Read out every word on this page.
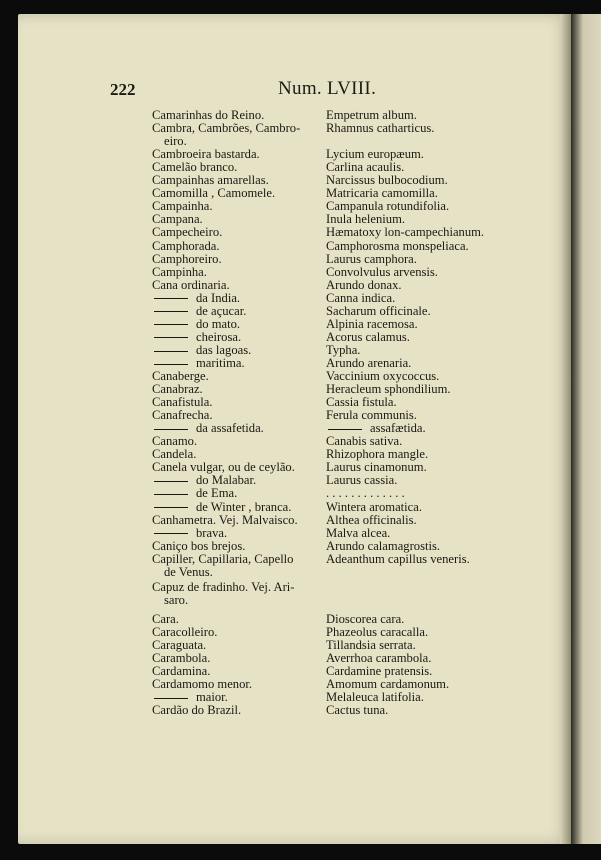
222	Num. LVIII.
Camarinhas do Reino.
Cambra, Cambrões, Cambro-
eiro.
Cambroeira bastarda.
Camelão branco.
Campainhas amarellas.
Camomilla , Camomele.
Campainha.
Campana.
Campecheiro.
Camphorada.
Camphoreiro.
Campinha.
Cana ordinaria.
da India.
de açucar.
do mato.
cheirosa.
das lagoas.
maritima.
Canaberge.
Canabraz.
Canafistula.
Canafrecha.
da assafetida.
Canamo.
Candela.
Canela vulgar, ou de ceylão.
do Malabar.
de Ema.
de Winter , branca.
Canhametra. Vej. Malvaisco.
brava.
Caniço bos brejos.
Capiller, Capillaria, Capello
de Venus.
Capuz de fradinho. Vej. Ari-
saro.
Cara.
Caracolleiro.
Caraguata.
Carambola.
Cardamina.
Cardamomo menor.
maior.
Cardão do Brazil.
Empetrum album.
Rhamnus catharticus.
Lycium europæum.
Carlina acaulis.
Narcissus bulbocodium.
Matricaria camomilla.
Campanula rotundifolia.
Inula helenium.
Hæmatoxy lon-campechianum.
Camphorosma monspeliaca.
Laurus camphora.
Convolvulus arvensis.
Arundo donax.
Canna indica.
Sacharum officinale.
Alpinia racemosa.
Acorus calamus.
Typha.
Arundo arenaria.
Vaccinium oxycoccus.
Heracleum sphondilium.
Cassia fistula.
Ferula communis.
assafætida.
Canabis sativa.
Rhizophora mangle.
Laurus cinamonum.
Laurus cassia.
. . . . . . . . . . . . .
Wintera aromatica.
Althea officinalis.
Malva alcea.
Arundo calamagrostis.
Adeanthum capillus veneris.
Dioscorea cara.
Phazeolus caracalla.
Tillandsia serrata.
Averrhoa carambola.
Cardamine pratensis.
Amomum cardamonum.
Melaleuca latifolia.
Cactus tuna.
